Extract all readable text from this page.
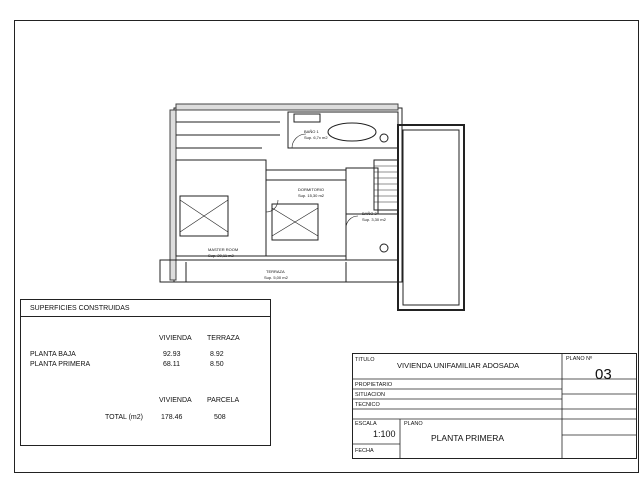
BAÑO 1
Sup. 6,7x m2
DORMITORIO
Sup. 15,30 m2
BAÑO 2
Sup. 3,30 m2
MASTER ROOM
Sup. 20,11 m2
TERRAZA
Sup. 5,00 m2
SUPERFICIES CONSTRUIDAS
VIVIENDA TERRAZA
PLANTA BAJA	92.93	8.92
PLANTA PRIMERA	68.11	8.50
VIVIENDA PARCELA
TOTAL (m2)	178.46	508
TITULO
VIVIENDA UNIFAMILIAR ADOSADA
PLANO Nº
03
PROPIETARIO
SITUACION
TECNICO
ESCALA
1:100
PLANO
PLANTA PRIMERA
FECHA
